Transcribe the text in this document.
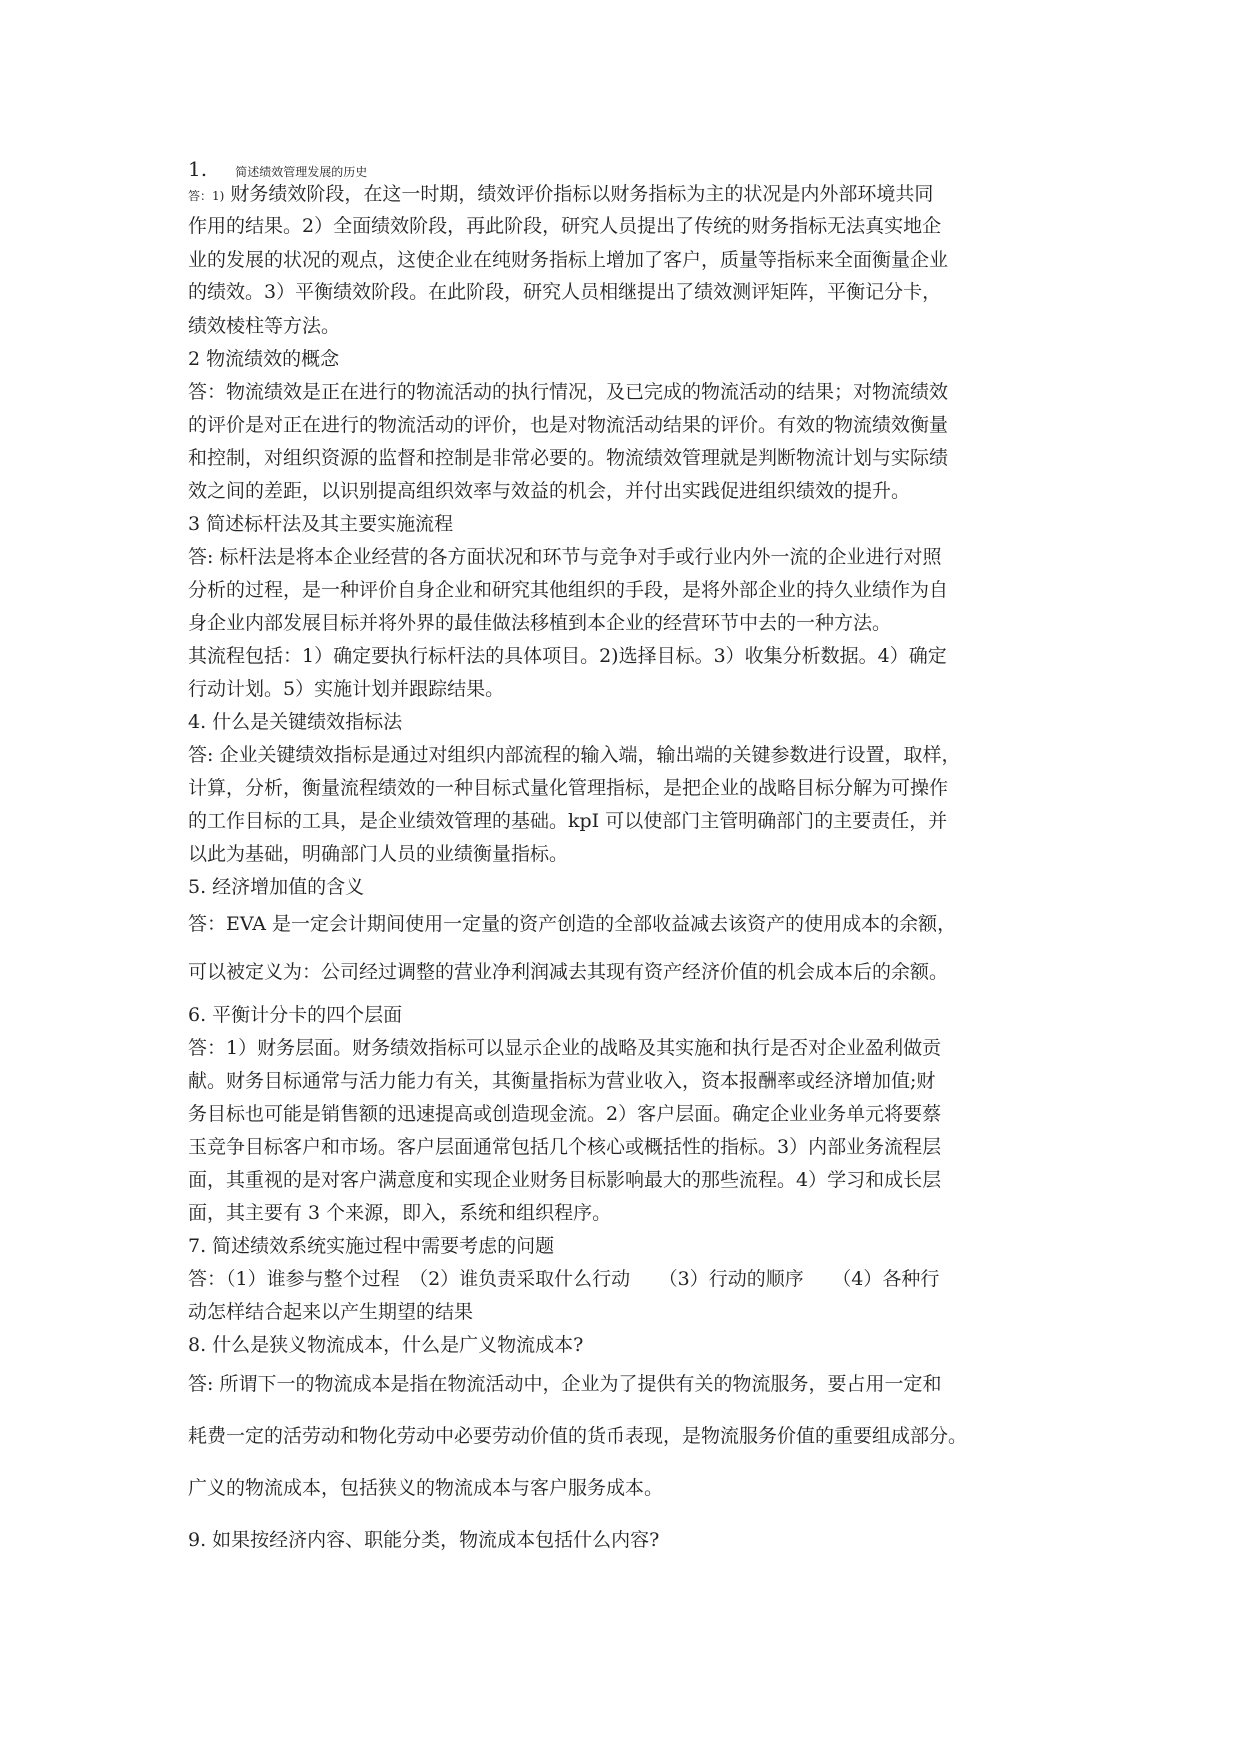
1. 简述绩效管理发展的历史
答：1) 财务绩效阶段，在这一时期，绩效评价指标以财务指标为主的状况是内外部环境共同
作用的结果。2）全面绩效阶段，再此阶段，研究人员提出了传统的财务指标无法真实地企
业的发展的状况的观点，这使企业在纯财务指标上增加了客户，质量等指标来全面衡量企业
的绩效。3）平衡绩效阶段。在此阶段，研究人员相继提出了绩效测评矩阵，平衡记分卡，
绩效棱柱等方法。
2 物流绩效的概念
答：物流绩效是正在进行的物流活动的执行情况，及已完成的物流活动的结果；对物流绩效
的评价是对正在进行的物流活动的评价，也是对物流活动结果的评价。有效的物流绩效衡量
和控制，对组织资源的监督和控制是非常必要的。物流绩效管理就是判断物流计划与实际绩
效之间的差距，以识别提高组织效率与效益的机会，并付出实践促进组织绩效的提升。
3 简述标杆法及其主要实施流程
答: 标杆法是将本企业经营的各方面状况和环节与竞争对手或行业内外一流的企业进行对照
分析的过程，是一种评价自身企业和研究其他组织的手段，是将外部企业的持久业绩作为自
身企业内部发展目标并将外界的最佳做法移植到本企业的经营环节中去的一种方法。
其流程包括：1）确定要执行标杆法的具体项目。2)选择目标。3）收集分析数据。4）确定
行动计划。5）实施计划并跟踪结果。
4. 什么是关键绩效指标法
答: 企业关键绩效指标是通过对组织内部流程的输入端，输出端的关键参数进行设置，取样，
计算，分析，衡量流程绩效的一种目标式量化管理指标，是把企业的战略目标分解为可操作
的工作目标的工具，是企业绩效管理的基础。kpI 可以使部门主管明确部门的主要责任，并
以此为基础，明确部门人员的业绩衡量指标。
5. 经济增加值的含义
答：EVA 是一定会计期间使用一定量的资产创造的全部收益减去该资产的使用成本的余额，
可以被定义为：公司经过调整的营业净利润减去其现有资产经济价值的机会成本后的余额。
6. 平衡计分卡的四个层面
答：1）财务层面。财务绩效指标可以显示企业的战略及其实施和执行是否对企业盈利做贡
献。财务目标通常与活力能力有关，其衡量指标为营业收入，资本报酬率或经济增加值;财
务目标也可能是销售额的迅速提高或创造现金流。2）客户层面。确定企业业务单元将要蔡
玉竞争目标客户和市场。客户层面通常包括几个核心或概括性的指标。3）内部业务流程层
面，其重视的是对客户满意度和实现企业财务目标影响最大的那些流程。4）学习和成长层
面，其主要有 3 个来源，即入，系统和组织程序。
7. 简述绩效系统实施过程中需要考虑的问题
答：（1）谁参与整个过程　（2）谁负责采取什么行动　　（3）行动的顺序　　（4）各种行
动怎样结合起来以产生期望的结果
8. 什么是狭义物流成本，什么是广义物流成本?
答: 所谓下一的物流成本是指在物流活动中，企业为了提供有关的物流服务，要占用一定和
耗费一定的活劳动和物化劳动中必要劳动价值的货币表现，是物流服务价值的重要组成部分。
广义的物流成本，包括狭义的物流成本与客户服务成本。
9. 如果按经济内容、职能分类，物流成本包括什么内容?
